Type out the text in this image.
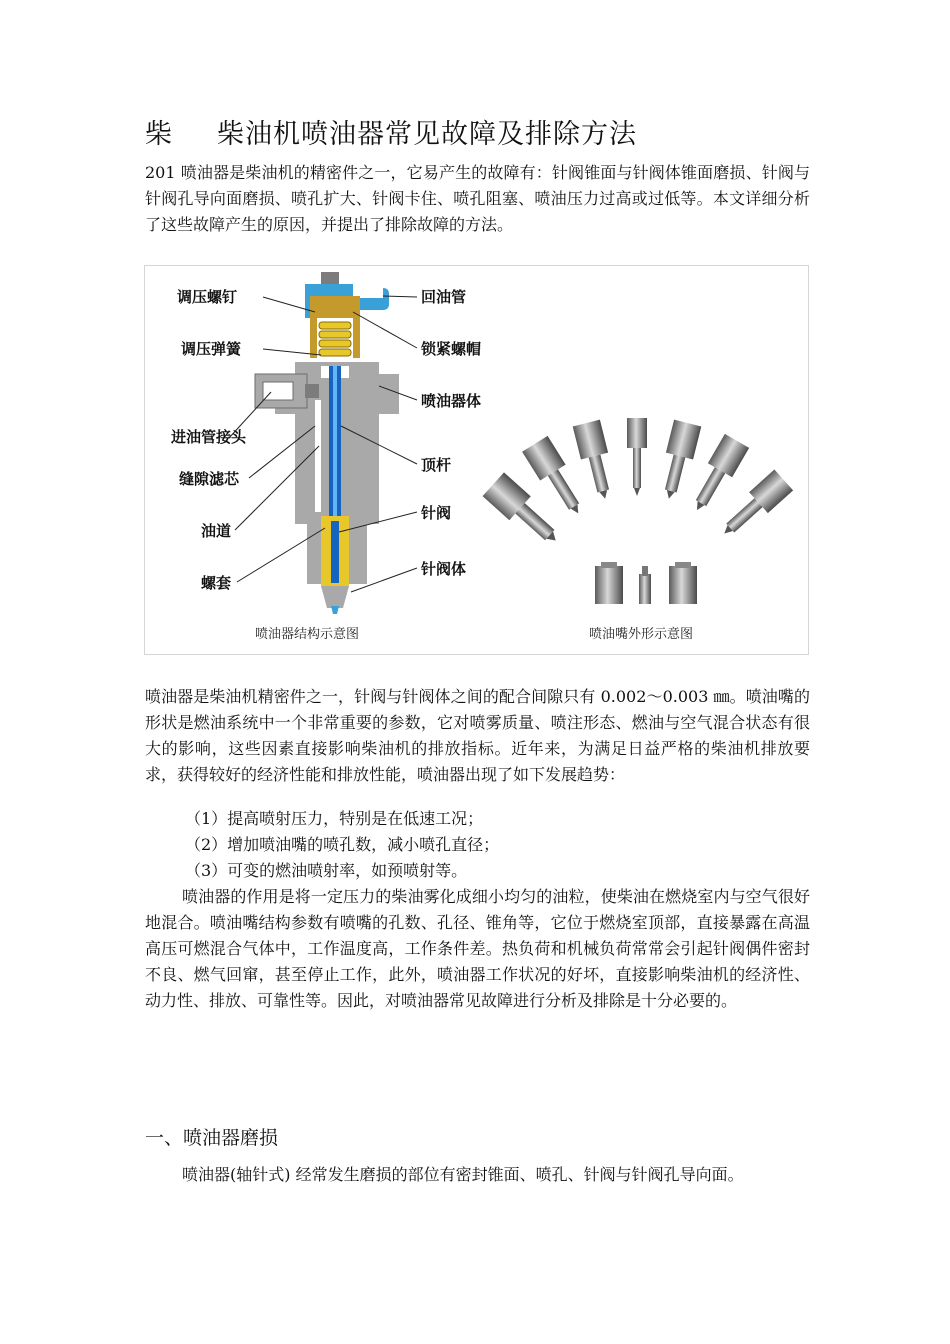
柴 柴油机喷油器常见故障及排除方法
201 喷油器是柴油机的精密件之一，它易产生的故障有：针阀锥面与针阀体锥面磨损、针阀与针阀孔导向面磨损、喷孔扩大、针阀卡住、喷孔阻塞、喷油压力过高或过低等。本文详细分析了这些故障产生的原因，并提出了排除故障的方法。
调压螺钉
调压弹簧
进油管接头
缝隙滤芯
油道
螺套
回油管
锁紧螺帽
喷油器体
顶杆
针阀
针阀体
喷油器结构示意图	喷油嘴外形示意图
喷油器是柴油机精密件之一，针阀与针阀体之间的配合间隙只有 0.002～0.003 ㎜。喷油嘴的形状是燃油系统中一个非常重要的参数，它对喷雾质量、喷注形态、燃油与空气混合状态有很大的影响，这些因素直接影响柴油机的排放指标。近年来，为满足日益严格的柴油机排放要求，获得较好的经济性能和排放性能，喷油器出现了如下发展趋势：
（1）提高喷射压力，特别是在低速工况；
（2）增加喷油嘴的喷孔数，减小喷孔直径；
（3）可变的燃油喷射率，如预喷射等。
喷油器的作用是将一定压力的柴油雾化成细小均匀的油粒，使柴油在燃烧室内与空气很好地混合。喷油嘴结构参数有喷嘴的孔数、孔径、锥角等，它位于燃烧室顶部，直接暴露在高温高压可燃混合气体中，工作温度高，工作条件差。热负荷和机械负荷常常会引起针阀偶件密封不良、燃气回窜，甚至停止工作，此外，喷油器工作状况的好坏，直接影响柴油机的经济性、动力性、排放、可靠性等。因此，对喷油器常见故障进行分析及排除是十分必要的。
一、喷油器磨损
喷油器(轴针式) 经常发生磨损的部位有密封锥面、喷孔、针阀与针阀孔导向面。
